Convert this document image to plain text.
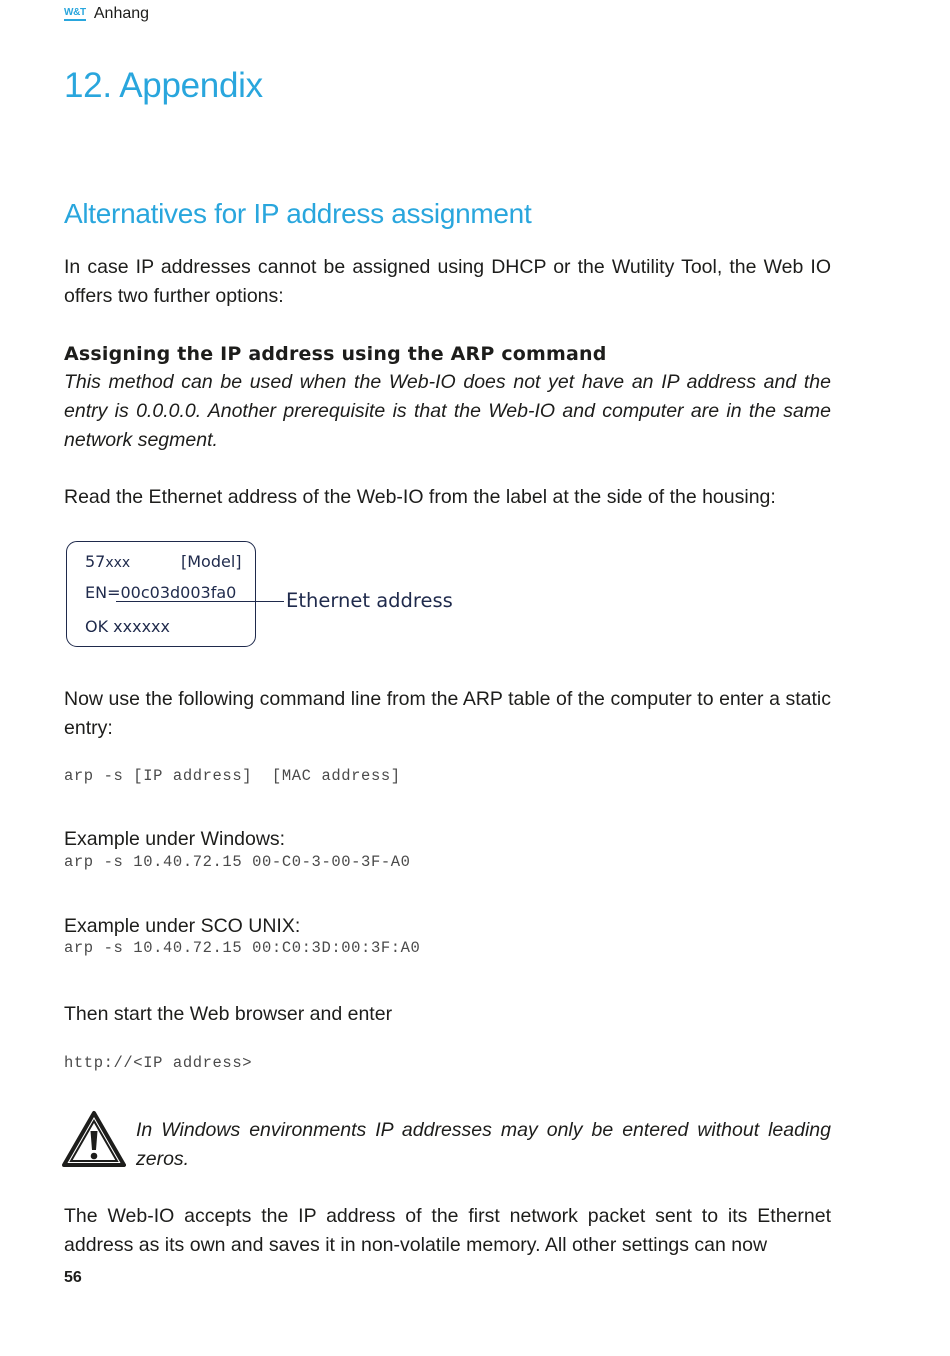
W&T Anhang
12. Appendix
Alternatives for IP address assignment
In case IP addresses cannot be assigned using DHCP or the Wutility Tool, the Web IO offers two further options:
Assigning the IP address using the ARP command
This method can be used when the Web-IO does not yet have an IP address and the entry is 0.0.0.0. Another prerequisite is that the Web-IO and computer are in the same network segment.
Read the Ethernet address of the Web-IO from the label at the side of the housing:
57xxx	[Model]
EN=00c03d003fa0
OK xxxxxx
Ethernet address
Now use the following command line from the ARP table of the computer to enter a static entry:
arp -s [IP address]  [MAC address]
Example under Windows:
arp -s 10.40.72.15 00-C0-3-00-3F-A0
Example under SCO UNIX:
arp -s 10.40.72.15 00:C0:3D:00:3F:A0
Then start the Web browser and enter
http://<IP address>
In Windows environments IP addresses may only be entered without leading zeros.
The Web-IO accepts the IP address of the first network packet sent to its Ethernet address as its own and saves it in non-volatile memory. All other settings can now
56
